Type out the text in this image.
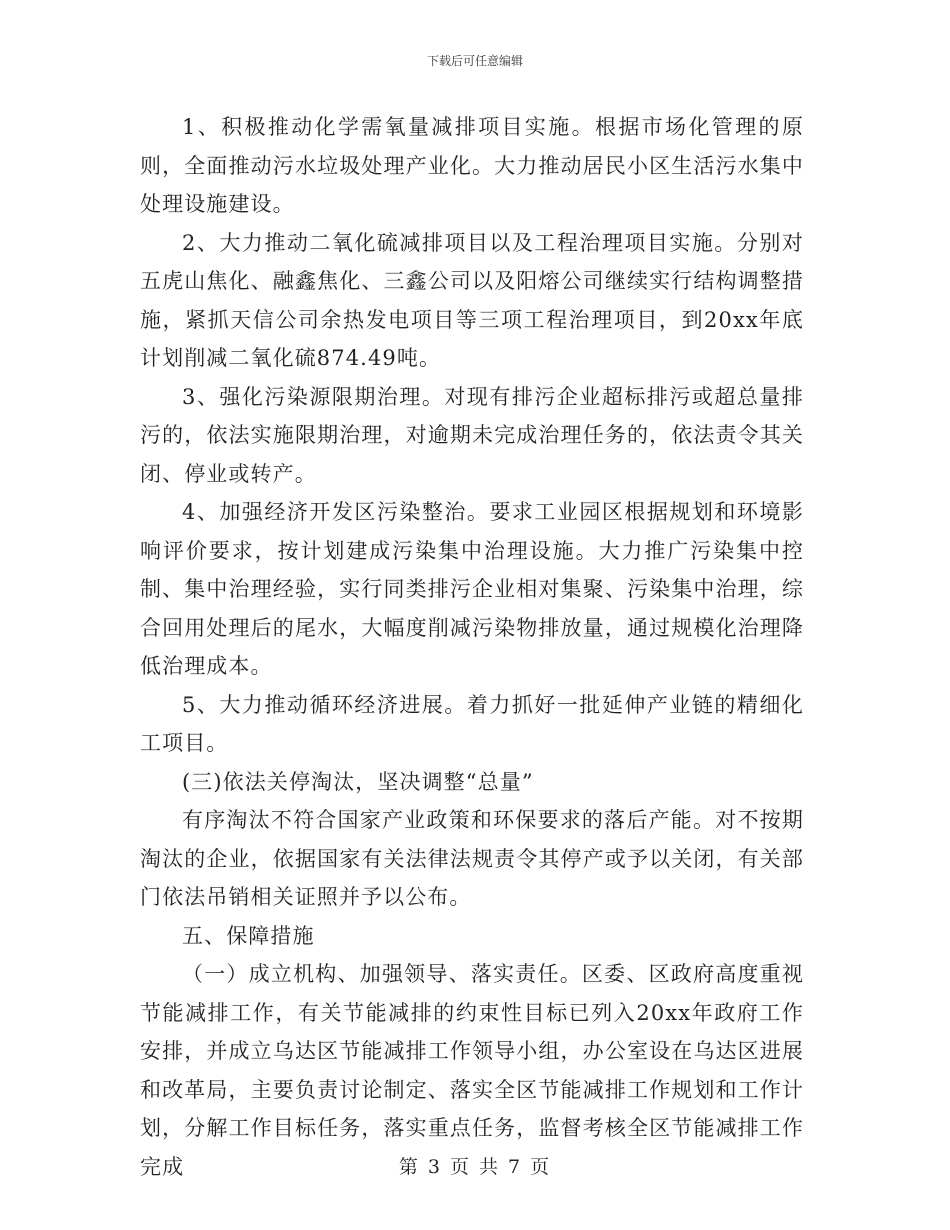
下载后可任意编辑

1、积极推动化学需氧量减排项目实施。根据市场化管理的原则，全面推动污水垃圾处理产业化。大力推动居民小区生活污水集中处理设施建设。

2、大力推动二氧化硫减排项目以及工程治理项目实施。分别对五虎山焦化、融鑫焦化、三鑫公司以及阳熔公司继续实行结构调整措施，紧抓天信公司余热发电项目等三项工程治理项目，到20xx年底计划削减二氧化硫874.49吨。

3、强化污染源限期治理。对现有排污企业超标排污或超总量排污的，依法实施限期治理，对逾期未完成治理任务的，依法责令其关闭、停业或转产。

4、加强经济开发区污染整治。要求工业园区根据规划和环境影响评价要求，按计划建成污染集中治理设施。大力推广污染集中控制、集中治理经验，实行同类排污企业相对集聚、污染集中治理，综合回用处理后的尾水，大幅度削减污染物排放量，通过规模化治理降低治理成本。

5、大力推动循环经济进展。着力抓好一批延伸产业链的精细化工项目。

(三)依法关停淘汰，坚决调整“总量”

有序淘汰不符合国家产业政策和环保要求的落后产能。对不按期淘汰的企业，依据国家有关法律法规责令其停产或予以关闭，有关部门依法吊销相关证照并予以公布。

五、保障措施

（一）成立机构、加强领导、落实责任。区委、区政府高度重视节能减排工作，有关节能减排的约束性目标已列入20xx年政府工作安排，并成立乌达区节能减排工作领导小组，办公室设在乌达区进展和改革局，主要负责讨论制定、落实全区节能减排工作规划和工作计划，分解工作目标任务，落实重点任务，监督考核全区节能减排工作完成	第 3 页 共 7 页
